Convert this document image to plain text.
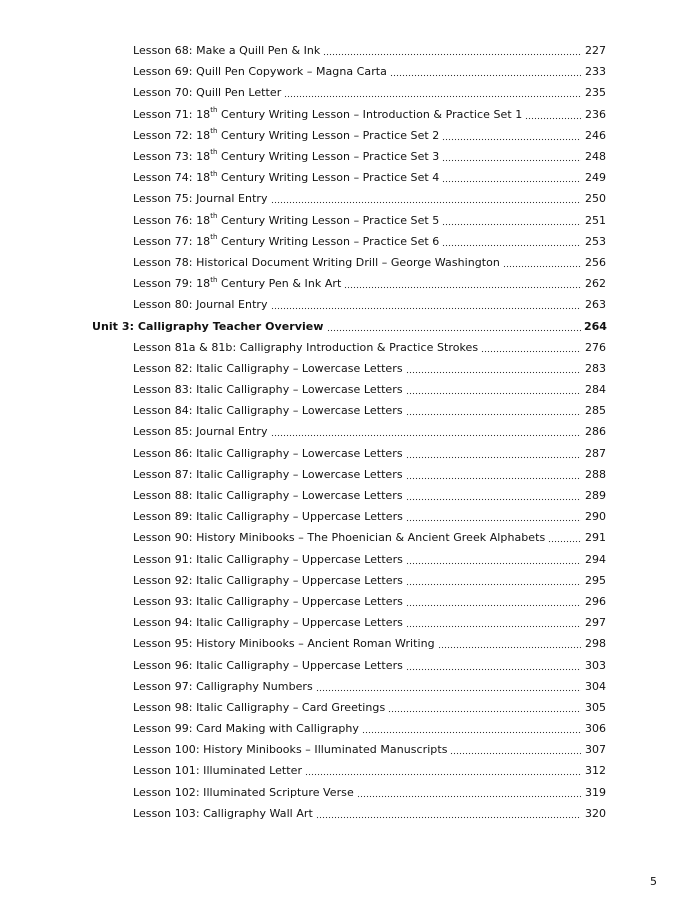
Lesson 68: Make a Quill Pen & Ink	227
Lesson 69: Quill Pen Copywork – Magna Carta	233
Lesson 70: Quill Pen Letter	235
Lesson 71: 18th Century Writing Lesson – Introduction & Practice Set 1	236
Lesson 72: 18th Century Writing Lesson – Practice Set 2	246
Lesson 73: 18th Century Writing Lesson – Practice Set 3	248
Lesson 74: 18th Century Writing Lesson – Practice Set 4	249
Lesson 75: Journal Entry	250
Lesson 76: 18th Century Writing Lesson – Practice Set 5	251
Lesson 77: 18th Century Writing Lesson – Practice Set 6	253
Lesson 78: Historical Document Writing Drill – George Washington	256
Lesson 79: 18th Century Pen & Ink Art	262
Lesson 80: Journal Entry	263
Unit 3: Calligraphy Teacher Overview	264
Lesson 81a & 81b: Calligraphy Introduction & Practice Strokes	276
Lesson 82: Italic Calligraphy – Lowercase Letters	283
Lesson 83: Italic Calligraphy – Lowercase Letters	284
Lesson 84: Italic Calligraphy – Lowercase Letters	285
Lesson 85: Journal Entry	286
Lesson 86: Italic Calligraphy – Lowercase Letters	287
Lesson 87: Italic Calligraphy – Lowercase Letters	288
Lesson 88: Italic Calligraphy – Lowercase Letters	289
Lesson 89: Italic Calligraphy – Uppercase Letters	290
Lesson 90: History Minibooks – The Phoenician & Ancient Greek Alphabets	291
Lesson 91: Italic Calligraphy – Uppercase Letters	294
Lesson 92: Italic Calligraphy – Uppercase Letters	295
Lesson 93: Italic Calligraphy – Uppercase Letters	296
Lesson 94: Italic Calligraphy – Uppercase Letters	297
Lesson 95: History Minibooks – Ancient Roman Writing	298
Lesson 96: Italic Calligraphy – Uppercase Letters	303
Lesson 97: Calligraphy Numbers	304
Lesson 98: Italic Calligraphy – Card Greetings	305
Lesson 99: Card Making with Calligraphy	306
Lesson 100: History Minibooks – Illuminated Manuscripts	307
Lesson 101: Illuminated Letter	312
Lesson 102: Illuminated Scripture Verse	319
Lesson 103: Calligraphy Wall Art	320
5
